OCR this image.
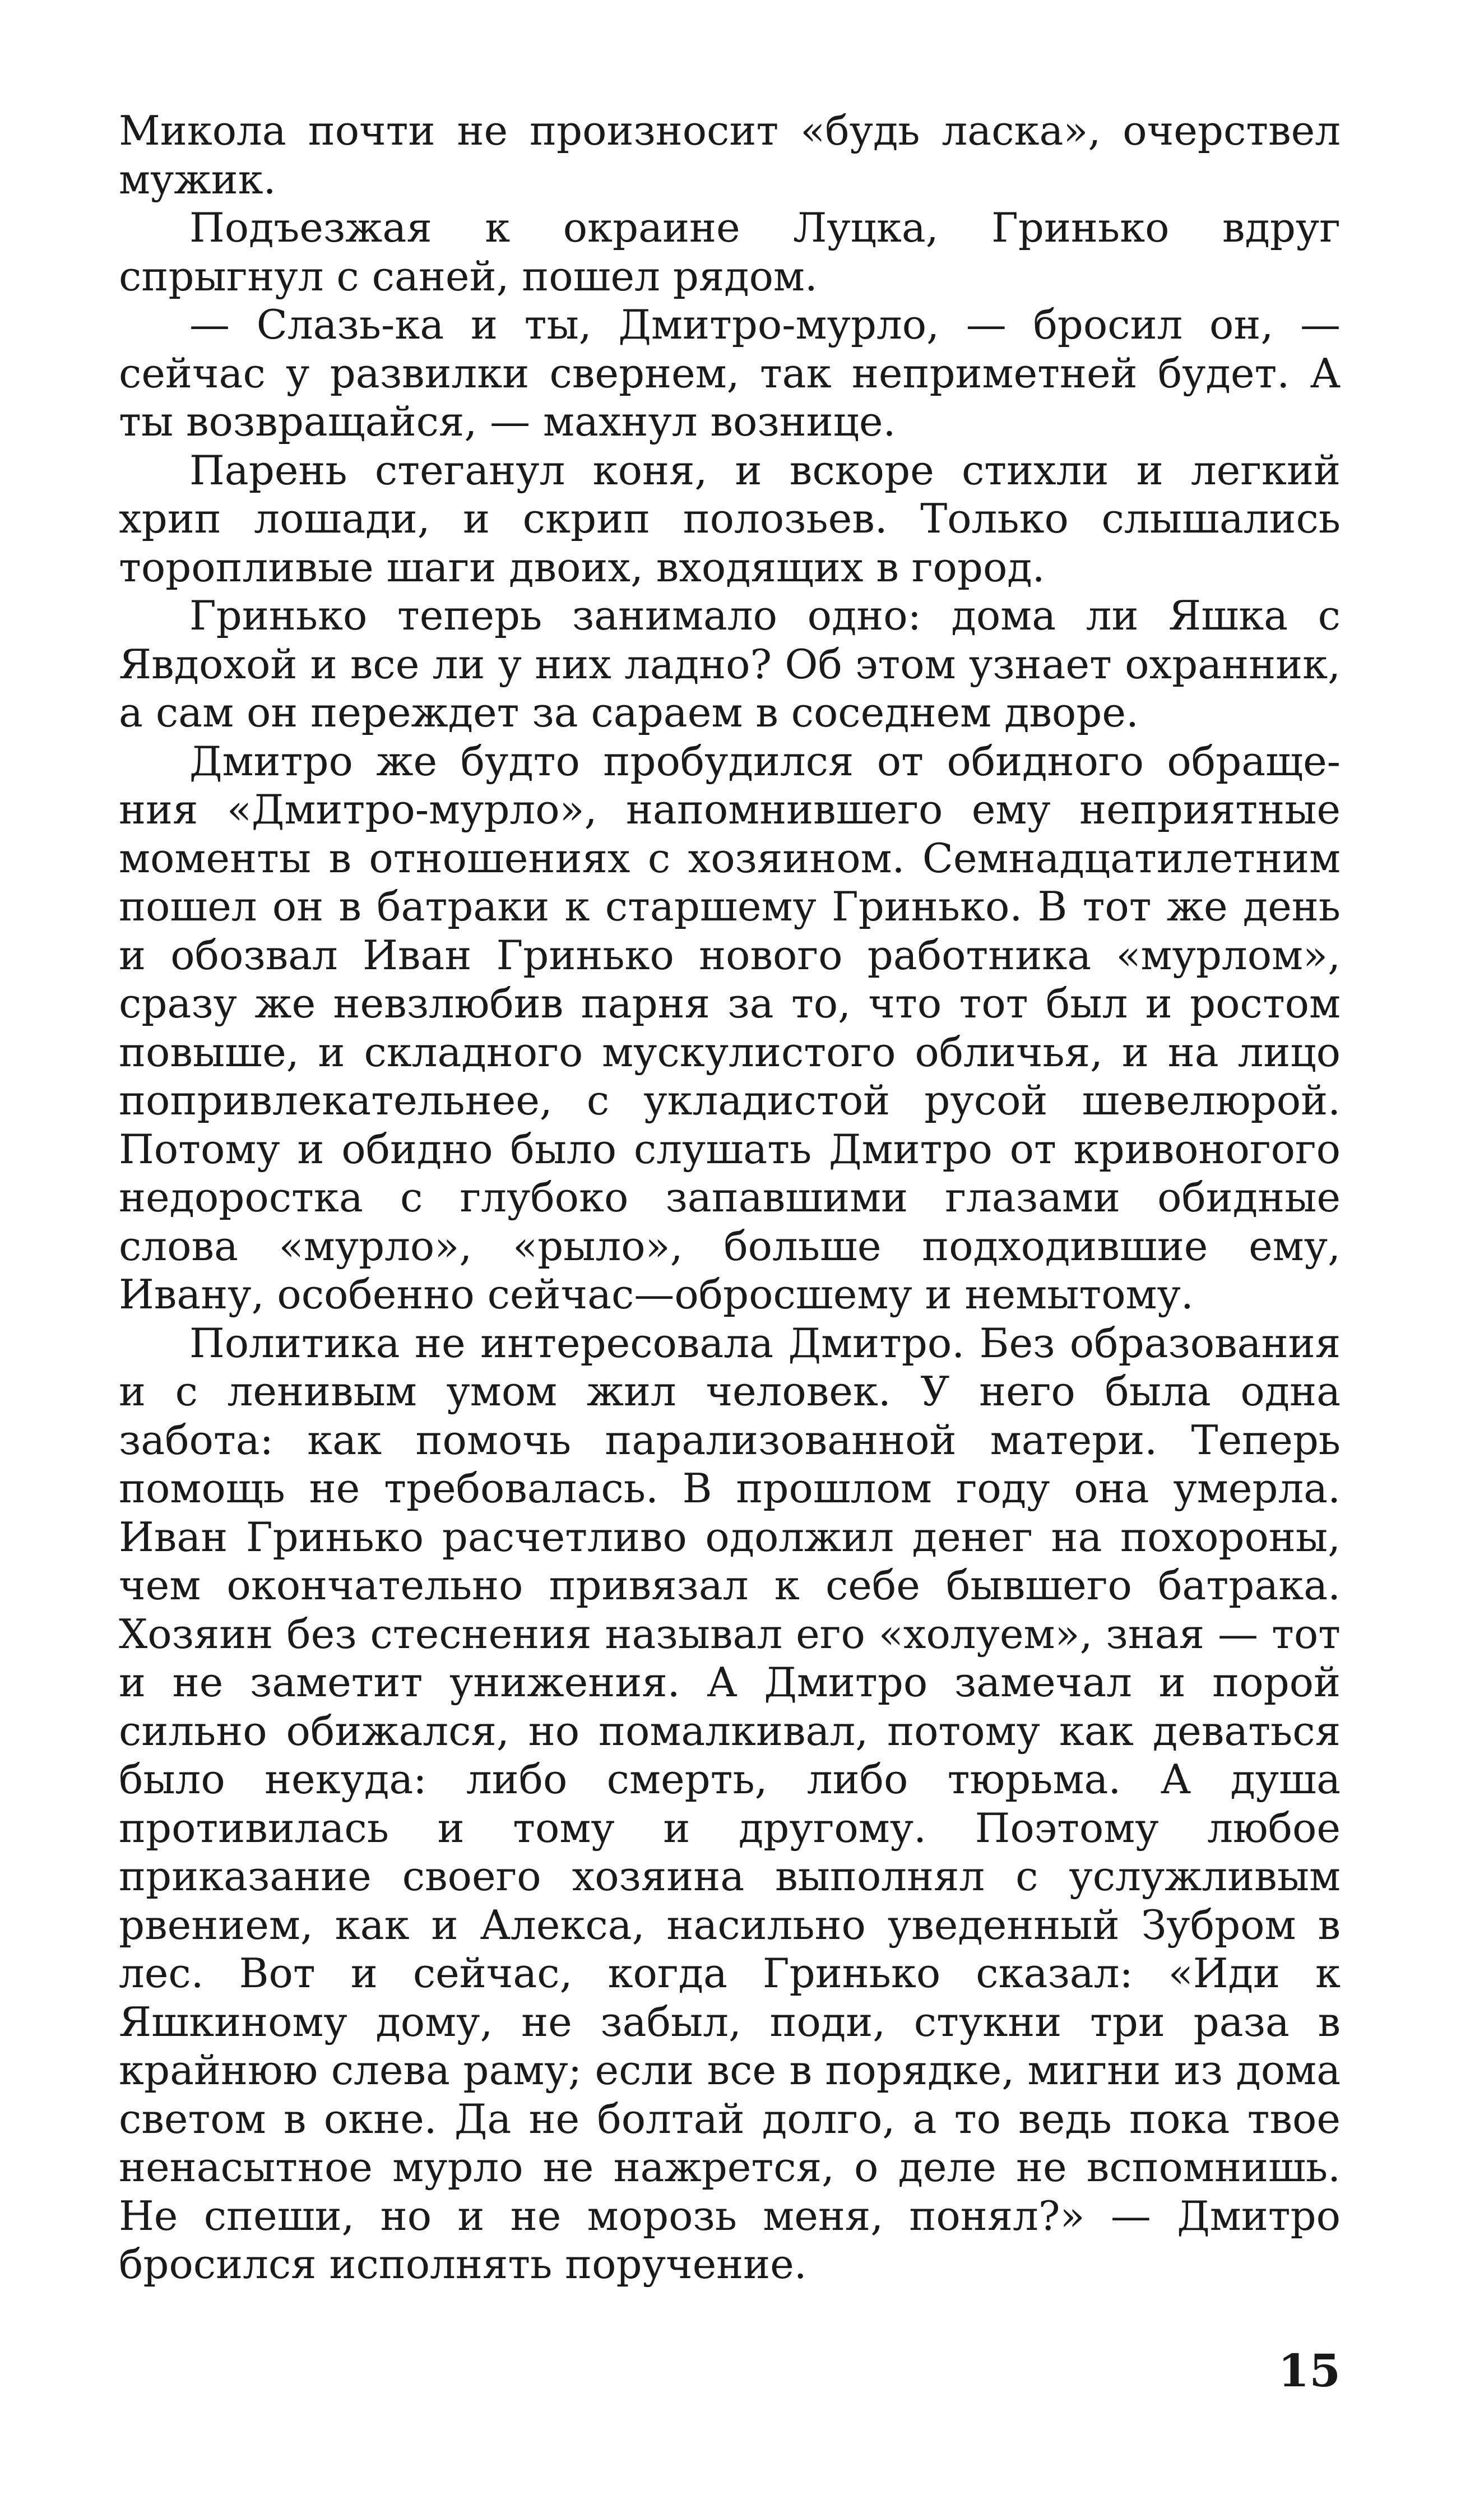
Микола почти не произносит «будь ласка», очерствел мужик.

Подъезжая к окраине Луцка, Гринько вдруг спрыгнул с саней, пошел рядом.

— Слазь-ка и ты, Дмитро-мурло, — бросил он, — сейчас у развилки свернем, так неприметней будет. А ты возвращайся, — махнул вознице.

Парень стеганул коня, и вскоре стихли и легкий хрип лошади, и скрип полозьев. Только слышались торопливые шаги двоих, входящих в город.

Гринько теперь занимало одно: дома ли Яшка с Явдохой и все ли у них ладно? Об этом узнает охранник, а сам он переждет за сараем в соседнем дворе.

Дмитро же будто пробудился от обидного обращения «Дмитро-мурло», напомнившего ему неприятные моменты в отношениях с хозяином. Семнадцатилетним пошел он в батраки к старшему Гринько. В тот же день и обозвал Иван Гринько нового работника «мурлом», сразу же невзлюбив парня за то, что тот был и ростом повыше, и складного мускулистого обличья, и на лицо попривлекательнее, с укладистой русой шевелюрой. Потому и обидно было слушать Дмитро от кривоногого недоростка с глубоко запавшими глазами обидные слова «мурло», «рыло», больше подходившие ему, Ивану, особенно сейчас—обросшему и немытому.

Политика не интересовала Дмитро. Без образования и с ленивым умом жил человек. У него была одна забота: как помочь парализованной матери. Теперь помощь не требовалась. В прошлом году она умерла. Иван Гринько расчетливо одолжил денег на похороны, чем окончательно привязал к себе бывшего батрака. Хозяин без стеснения называл его «холуем», зная — тот и не заметит унижения. А Дмитро замечал и порой сильно обижался, но помалкивал, потому как деваться было некуда: либо смерть, либо тюрьма. А душа противилась и тому и другому. Поэтому любое приказание своего хозяина выполнял с услужливым рвением, как и Алекса, насильно уведенный Зубром в лес. Вот и сейчас, когда Гринько сказал: «Иди к Яшкиному дому, не забыл, поди, стукни три раза в крайнюю слева раму; если все в порядке, мигни из дома светом в окне. Да не болтай долго, а то ведь пока твое ненасытное мурло не нажрется, о деле не вспомнишь. Не спеши, но и не морозь меня, понял?» — Дмитро бросился исполнять поручение.

15
